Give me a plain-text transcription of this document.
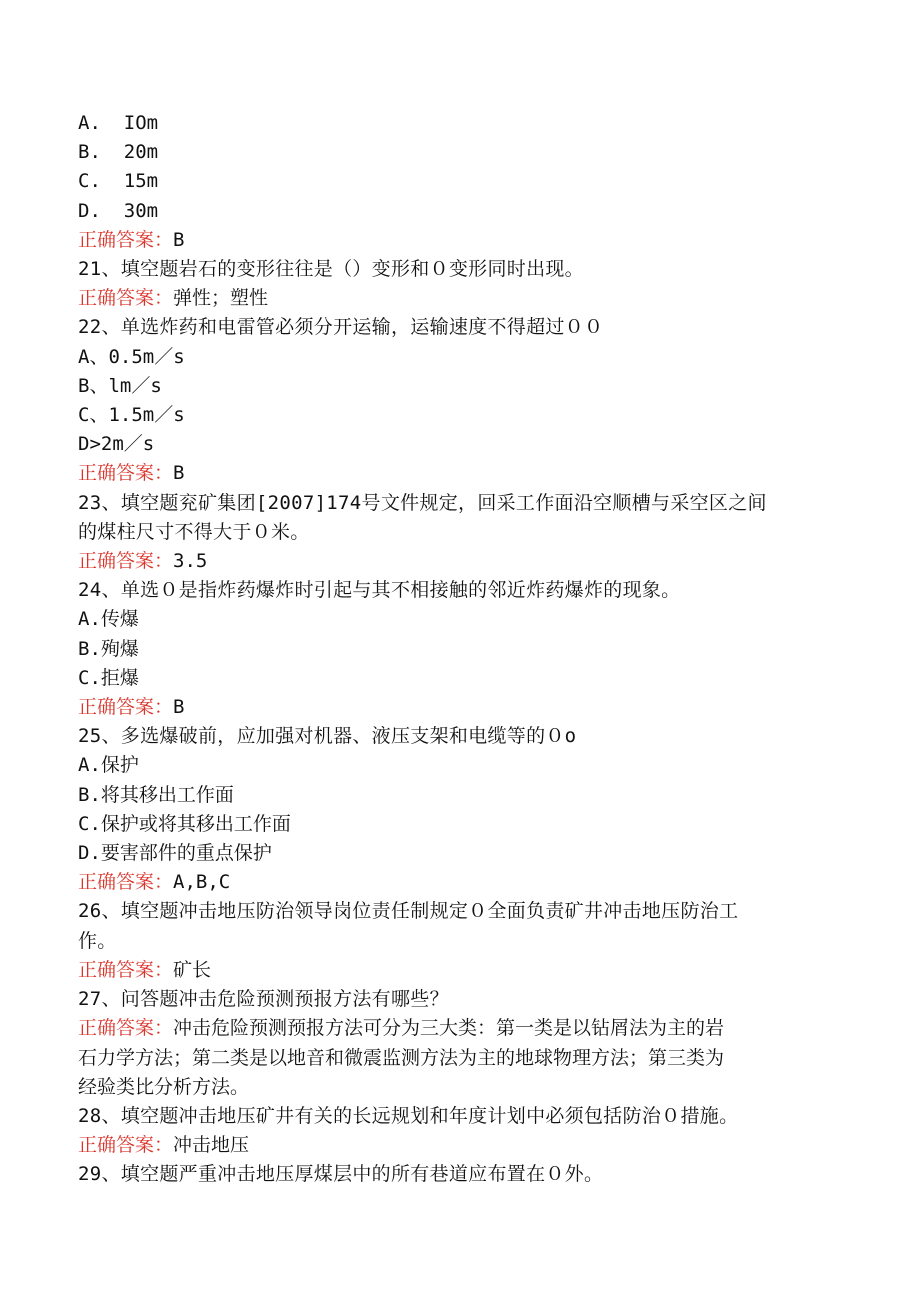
A.  IOm

B.  20m

C.  15m

D.  30m

正确答案：B

21、填空题岩石的变形往往是（）变形和０变形同时出现。

正确答案：弹性；塑性

22、单选炸药和电雷管必须分开运输，运输速度不得超过００

A、0.5m／s

B、lm／s

C、1.5m／s

D>2m／s

正确答案：B

23、填空题兖矿集团[2007]174号文件规定，回采工作面沿空顺槽与采空区之间

的煤柱尺寸不得大于０米。

正确答案：3.5

24、单选０是指炸药爆炸时引起与其不相接触的邻近炸药爆炸的现象。

A.传爆

B.殉爆

C.拒爆

正确答案：B

25、多选爆破前，应加强对机器、液压支架和电缆等的０o

A.保护

B.将其移出工作面

C.保护或将其移出工作面

D.要害部件的重点保护

正确答案：A,B,C

26、填空题冲击地压防治领导岗位责任制规定０全面负责矿井冲击地压防治工

作。

正确答案：矿长

27、问答题冲击危险预测预报方法有哪些？

正确答案：冲击危险预测预报方法可分为三大类：第一类是以钻屑法为主的岩

石力学方法；第二类是以地音和微震监测方法为主的地球物理方法；第三类为

经验类比分析方法。

28、填空题冲击地压矿井有关的长远规划和年度计划中必须包括防治０措施。

正确答案：冲击地压

29、填空题严重冲击地压厚煤层中的所有巷道应布置在０外。
